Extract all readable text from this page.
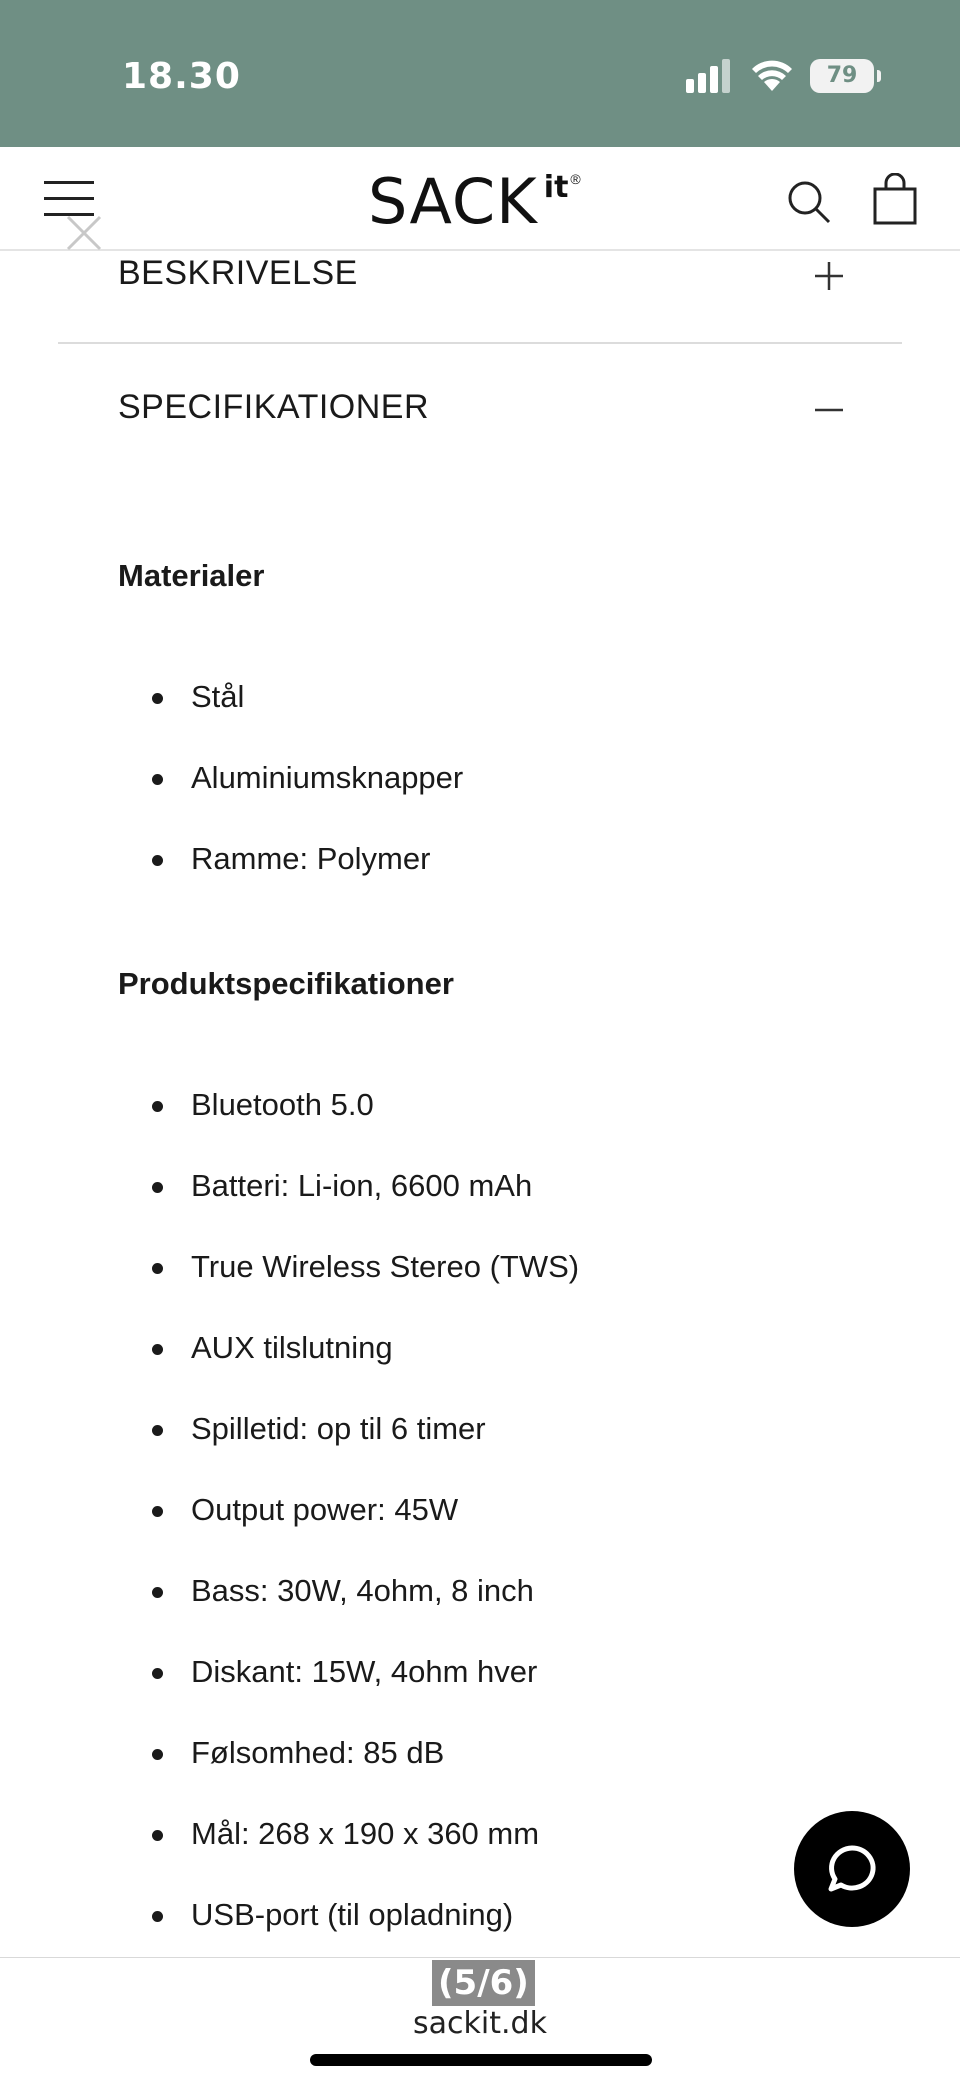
18.30	79
SACK it ®
BESKRIVELSE
SPECIFIKATIONER
Materialer
Stål
Aluminiumsknapper
Ramme: Polymer
Produktspecifikationer
Bluetooth 5.0
Batteri: Li-ion, 6600 mAh
True Wireless Stereo (TWS)
AUX tilslutning
Spilletid: op til 6 timer
Output power: 45W
Bass: 30W, 4ohm, 8 inch
Diskant: 15W, 4ohm hver
Følsomhed: 85 dB
Mål: 268 x 190 x 360 mm
USB-port (til opladning)
(5/6)
sackit.dk
